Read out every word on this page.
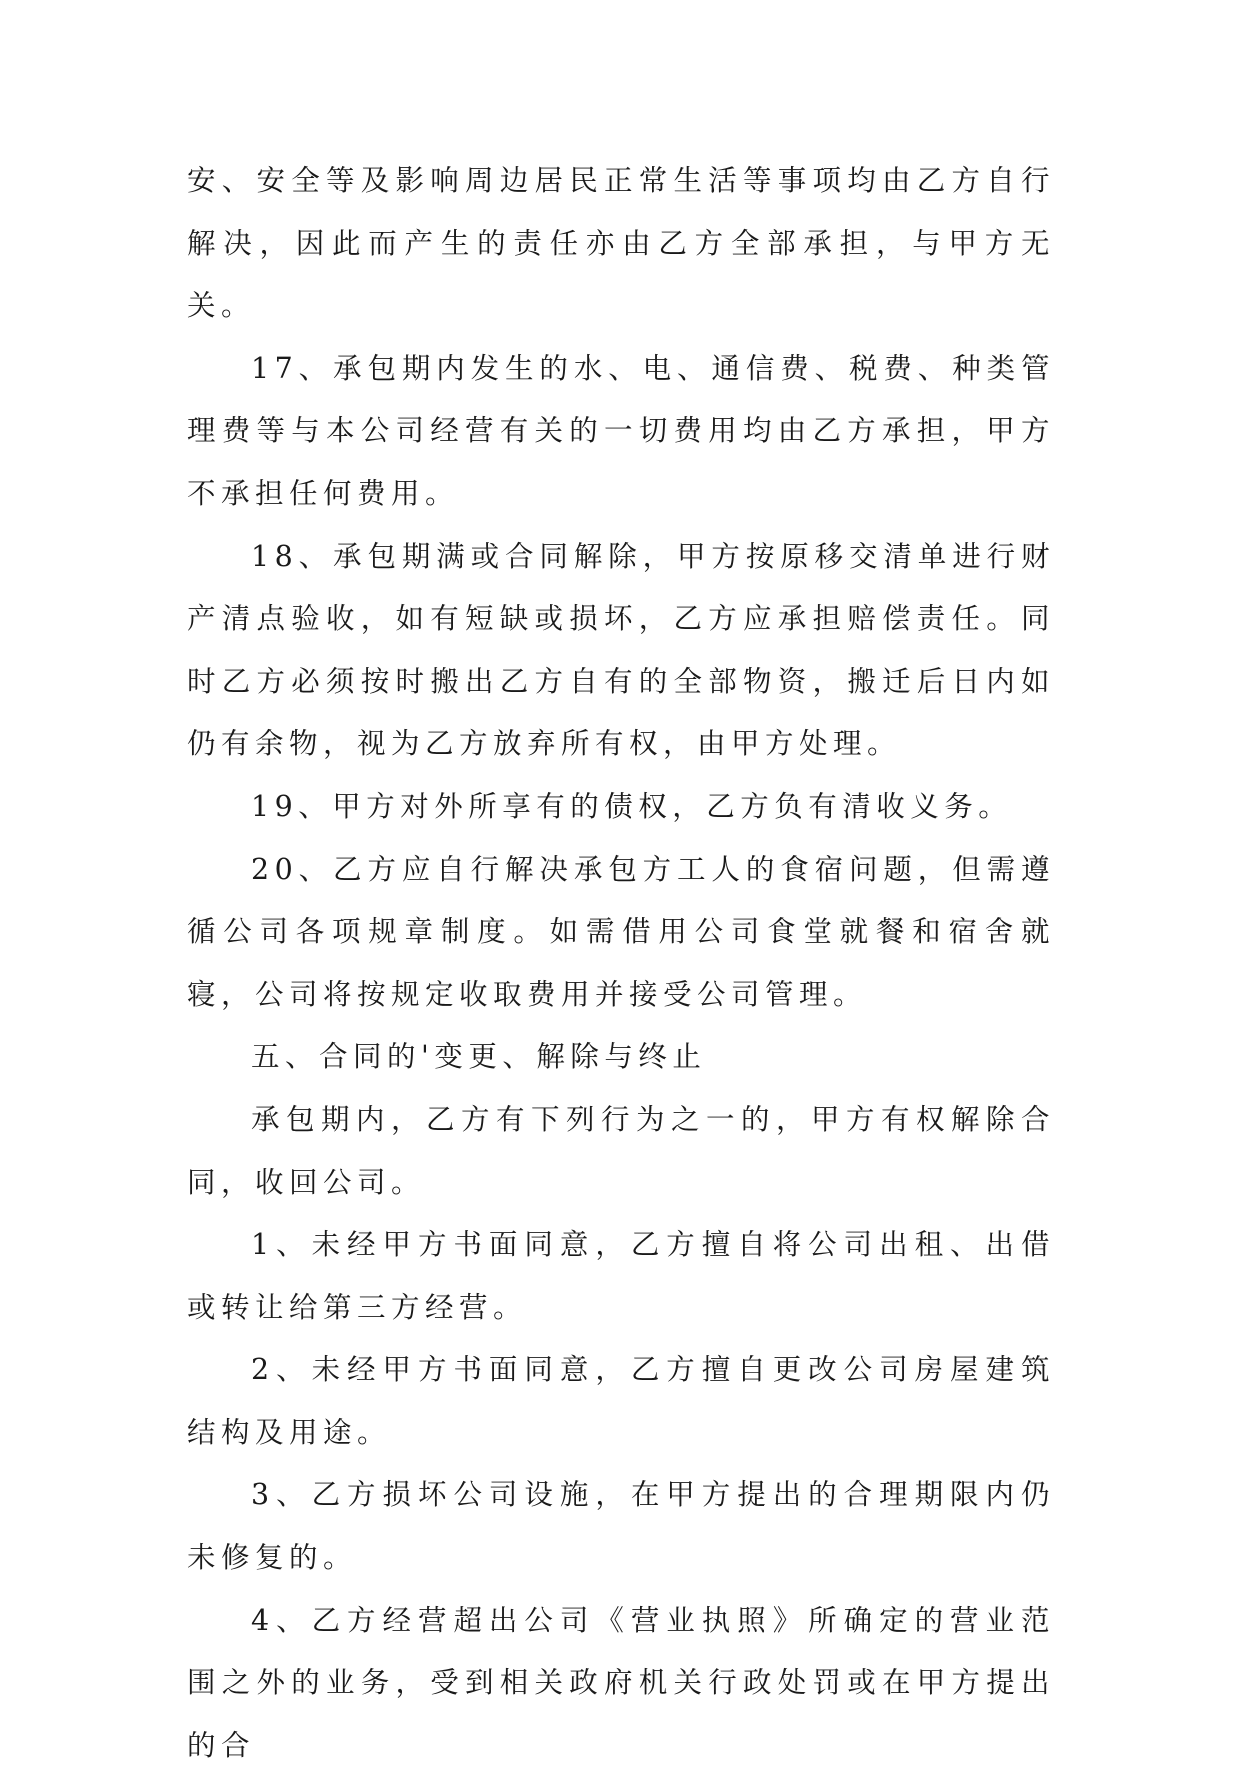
安、安全等及影响周边居民正常生活等事项均由乙方自行解决，因此而产生的责任亦由乙方全部承担，与甲方无关。

17、承包期内发生的水、电、通信费、税费、种类管理费等与本公司经营有关的一切费用均由乙方承担，甲方不承担任何费用。

18、承包期满或合同解除，甲方按原移交清单进行财产清点验收，如有短缺或损坏，乙方应承担赔偿责任。同时乙方必须按时搬出乙方自有的全部物资，搬迁后日内如仍有余物，视为乙方放弃所有权，由甲方处理。

19、甲方对外所享有的债权，乙方负有清收义务。

20、乙方应自行解决承包方工人的食宿问题，但需遵循公司各项规章制度。如需借用公司食堂就餐和宿舍就寝，公司将按规定收取费用并接受公司管理。

五、合同的'变更、解除与终止

承包期内，乙方有下列行为之一的，甲方有权解除合同，收回公司。

1、未经甲方书面同意，乙方擅自将公司出租、出借或转让给第三方经营。

2、未经甲方书面同意，乙方擅自更改公司房屋建筑结构及用途。

3、乙方损坏公司设施，在甲方提出的合理期限内仍未修复的。

4、乙方经营超出公司《营业执照》所确定的营业范围之外的业务，受到相关政府机关行政处罚或在甲方提出的合
